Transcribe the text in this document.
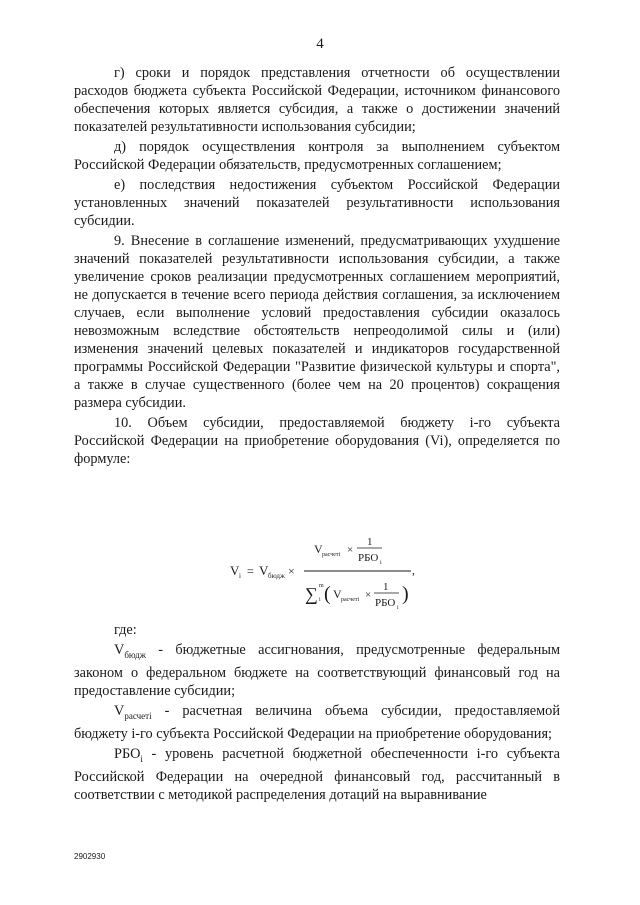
4

г) сроки и порядок представления отчетности об осуществлении расходов бюджета субъекта Российской Федерации, источником финансового обеспечения которых является субсидия, а также о достижении значений показателей результативности использования субсидии;

д) порядок осуществления контроля за выполнением субъектом Российской Федерации обязательств, предусмотренных соглашением;

е) последствия недостижения субъектом Российской Федерации установленных значений показателей результативности использования субсидии.

9. Внесение в соглашение изменений, предусматривающих ухудшение значений показателей результативности использования субсидии, а также увеличение сроков реализации предусмотренных соглашением мероприятий, не допускается в течение всего периода действия соглашения, за исключением случаев, если выполнение условий предоставления субсидии оказалось невозможным вследствие обстоятельств непреодолимой силы и (или) изменения значений целевых показателей и индикаторов государственной программы Российской Федерации "Развитие физической культуры и спорта", а также в случае существенного (более чем на 20 процентов) сокращения размера субсидии.

10. Объем субсидии, предоставляемой бюджету i-го субъекта Российской Федерации на приобретение оборудования (Vi), определяется по формуле:

V i = V бюдж ×
V расчетi ×
1
РБО i	,
∑ m
i ( V расчетi ×
1
РБО i
)

где:

$V_{бюдж}$ - бюджетные ассигнования, предусмотренные федеральным законом о федеральном бюджете на соответствующий финансовый год на предоставление субсидии;

$V_{расчетi}$ - расчетная величина объема субсидии, предоставляемой бюджету i-го субъекта Российской Федерации на приобретение оборудования;

$РБО_i$ - уровень расчетной бюджетной обеспеченности i-го субъекта Российской Федерации на очередной финансовый год, рассчитанный в соответствии с методикой распределения дотаций на выравнивание

2902930
